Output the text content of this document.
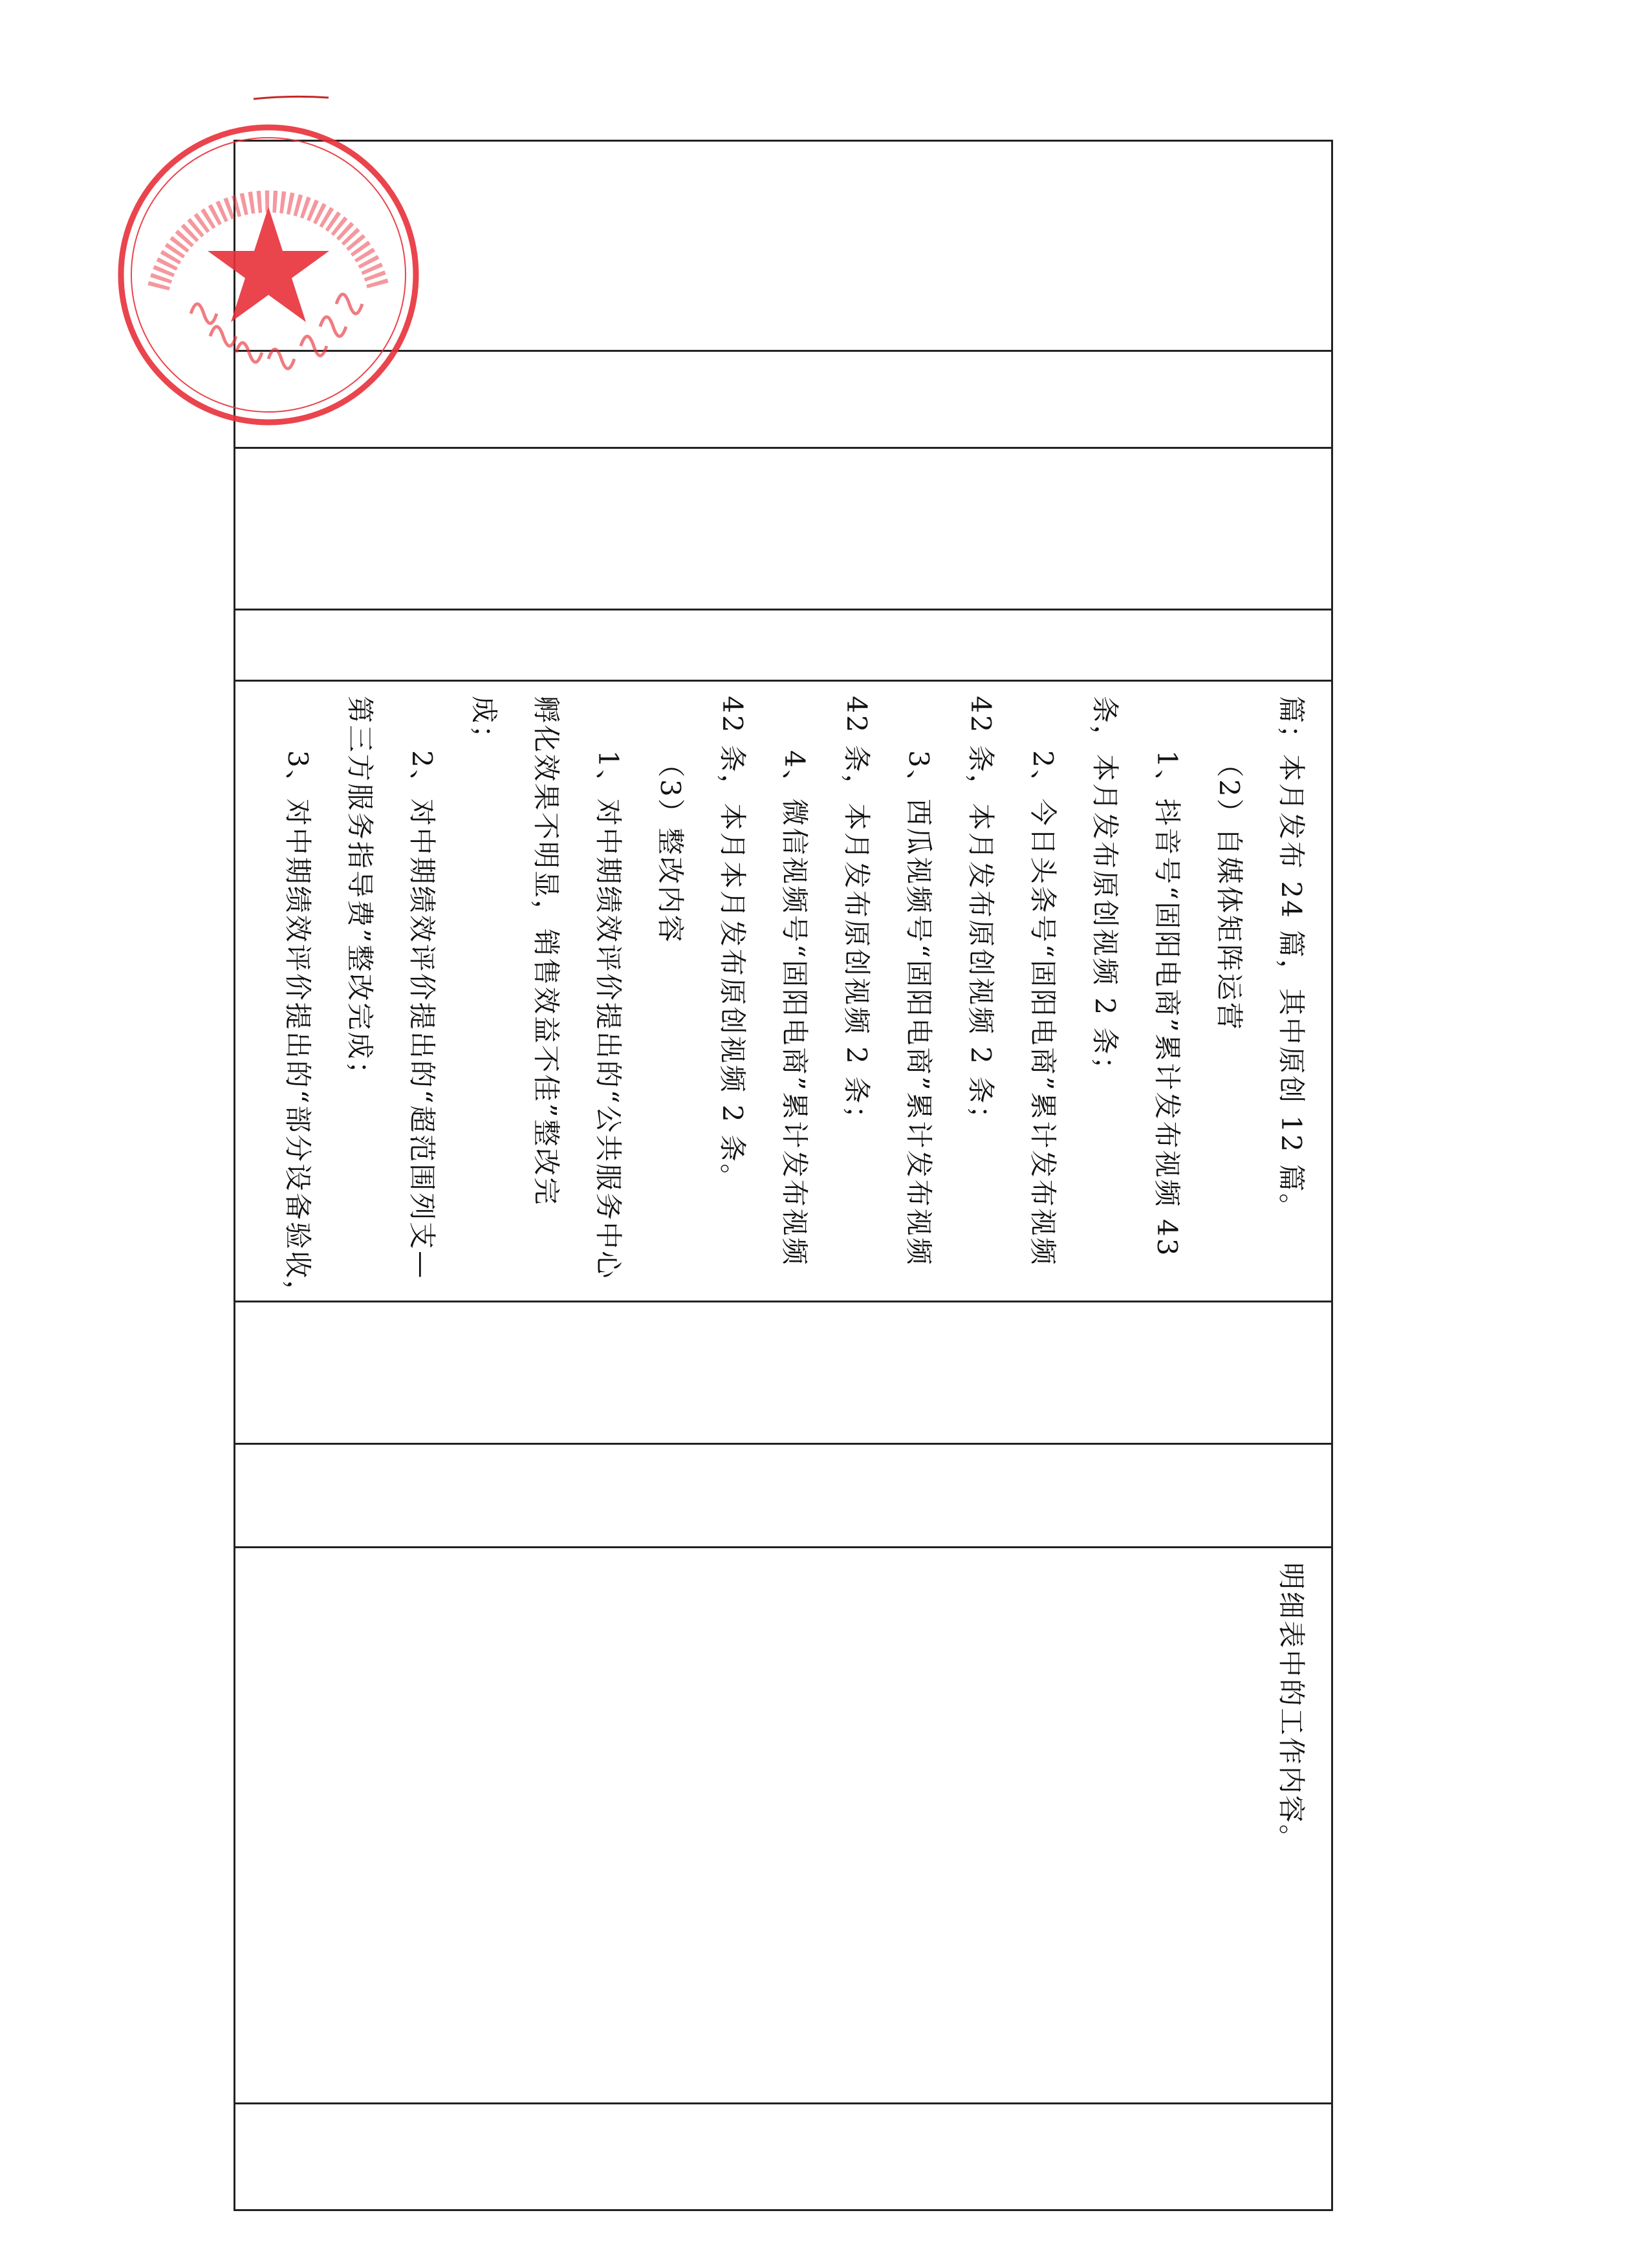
篇；本月发布 24 篇，其中原创 12 篇。

（2）自媒体矩阵运营

1、抖音号“固阳电商”累计发布视频 43

条，本月发布原创视频 2 条；

2、今日头条号“固阳电商”累计发布视频

42 条，本月发布原创视频 2 条；

3、西瓜视频号“固阳电商”累计发布视频

42 条，本月发布原创视频 2 条；

4、微信视频号“固阳电商”累计发布视频

42 条，本月本月发布原创视频 2 条。

（3）整改内容

1、对中期绩效评价提出的“公共服务中心

孵化效果不明显，销售效益不佳”整改完

成；

2、对中期绩效评价提出的“超范围列支—

第三方服务指导费”整改完成；

3、对中期绩效评价提出的“部分设备验收，

明细表中的工作内容。
